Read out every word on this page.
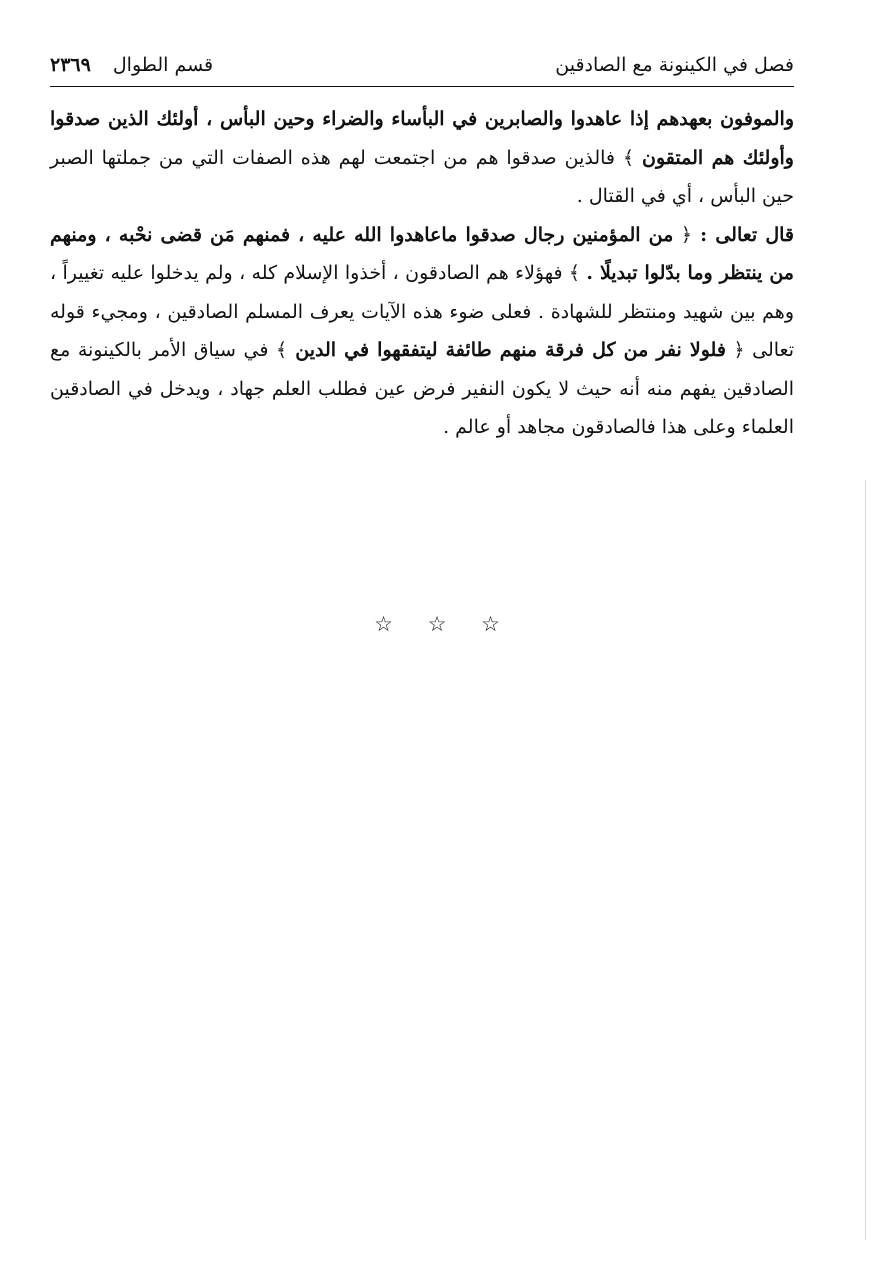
فصل في الكينونة مع الصادقين
قسم الطوال ٢٣٦٩

والموفون بعهدهم إذا عاهدوا والصابرين في البأساء والضراء وحين البأس ، أولئك الذين صدقوا وأولئك هم المتقون ﴾ فالذين صدقوا هم من اجتمعت لهم هذه الصفات التي من جملتها الصبر حين البأس ، أي في القتال .

قال تعالى : ﴿ من المؤمنين رجال صدقوا ماعاهدوا الله عليه ، فمنهم مَن قضى نحْبه ، ومنهم من ينتظر وما بدّلوا تبديلًا . ﴾ فهؤلاء هم الصادقون ، أخذوا الإسلام كله ، ولم يدخلوا عليه تغييراً ، وهم بين شهيد ومنتظر للشهادة . فعلى ضوء هذه الآيات يعرف المسلم الصادقين ، ومجيء قوله تعالى ﴿ فلولا نفر من كل فرقة منهم طائفة ليتفقهوا في الدين ﴾ في سياق الأمر بالكينونة مع الصادقين يفهم منه أنه حيث لا يكون النفير فرض عين فطلب العلم جهاد ، ويدخل في الصادقين العلماء وعلى هذا فالصادقون مجاهد أو عالم .

☆ ☆ ☆
